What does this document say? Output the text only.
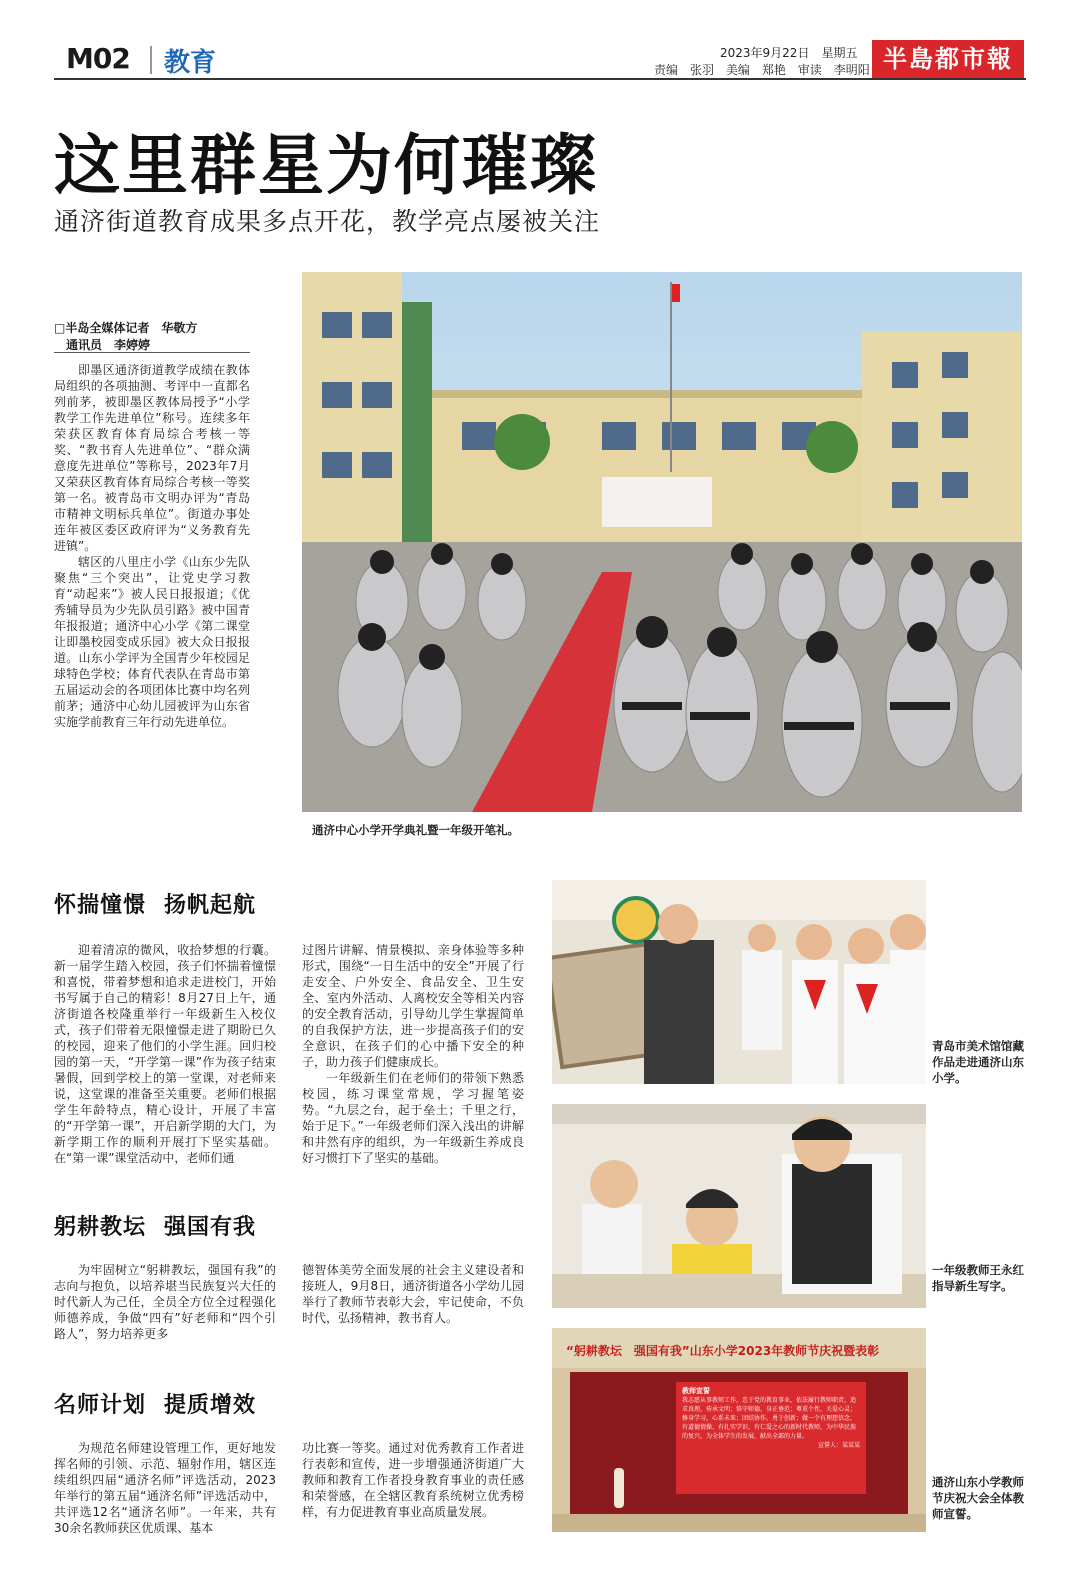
M02 教育	2023年9月22日　星期五
责编　张羽 美编　郑艳 审读　李明阳 半島都市報
这里群星为何璀璨
通济街道教育成果多点开花，教学亮点屡被关注
□半岛全媒体记者　华敬方
通讯员　李婷婷

即墨区通济街道教学成绩在教体局组织的各项抽测、考评中一直都名列前茅，被即墨区教体局授予“小学教学工作先进单位”称号。连续多年荣获区教育体育局综合考核一等奖、“教书育人先进单位”、“群众满意度先进单位”等称号，2023年7月又荣获区教育体育局综合考核一等奖第一名。被青岛市文明办评为“青岛市精神文明标兵单位”。街道办事处连年被区委区政府评为“义务教育先进镇”。

辖区的八里庄小学《山东少先队聚焦“三个突出”，让党史学习教育“动起来”》被人民日报报道；《优秀辅导员为少先队员引路》被中国青年报报道；通济中心小学《第二课堂让即墨校园变成乐园》被大众日报报道。山东小学评为全国青少年校园足球特色学校；体育代表队在青岛市第五届运动会的各项团体比赛中均名列前茅；通济中心幼儿园被评为山东省实施学前教育三年行动先进单位。

通济中心小学开学典礼暨一年级开笔礼。
怀揣憧憬 扬帆起航

迎着清凉的微风，收拾梦想的行囊。新一届学生踏入校园，孩子们怀揣着憧憬和喜悦，带着梦想和追求走进校门，开始书写属于自己的精彩！8月27日上午，通济街道各校隆重举行一年级新生入校仪式，孩子们带着无限憧憬走进了期盼已久的校园，迎来了他们的小学生涯。回归校园的第一天，“开学第一课”作为孩子结束暑假，回到学校上的第一堂课，对老师来说，这堂课的准备至关重要。老师们根据学生年龄特点，精心设计，开展了丰富的“开学第一课”，开启新学期的大门，为新学期工作的顺利开展打下坚实基础。在“第一课”课堂活动中，老师们通

过图片讲解、情景模拟、亲身体验等多种形式，围绕“一日生活中的安全”开展了行走安全、户外安全、食品安全、卫生安全、室内外活动、人离校安全等相关内容的安全教育活动，引导幼儿学生掌握简单的自我保护方法，进一步提高孩子们的安全意识，在孩子们的心中播下安全的种子，助力孩子们健康成长。

一年级新生们在老师们的带领下熟悉校园，练习课堂常规，学习握笔姿势。“九层之台，起于垒土；千里之行，始于足下。”一年级老师们深入浅出的讲解和井然有序的组织，为一年级新生养成良好习惯打下了坚实的基础。

躬耕教坛 强国有我

为牢固树立“躬耕教坛，强国有我”的志向与抱负，以培养堪当民族复兴大任的时代新人为己任，全员全方位全过程强化师德养成，争做“四有”好老师和“四个引路人”，努力培养更多

德智体美劳全面发展的社会主义建设者和接班人，9月8日，通济街道各小学幼儿园举行了教师节表彰大会，牢记使命，不负时代，弘扬精神，教书育人。

名师计划 提质增效

为规范名师建设管理工作，更好地发挥名师的引领、示范、辐射作用，辖区连续组织四届“通济名师”评选活动，2023年举行的第五届“通济名师”评选活动中，共评选12名“通济名师”。一年来，共有30余名教师获区优质课、基本

功比赛一等奖。通过对优秀教育工作者进行表彰和宣传，进一步增强通济街道广大教师和教育工作者投身教育事业的责任感和荣誉感，在全辖区教育系统树立优秀榜样，有力促进教育事业高质量发展。

青岛市美术馆馆藏作品走进通济山东小学。
一年级教师王永红指导新生写字。
“躬耕教坛　强国有我”山东小学2023年教师节庆祝暨表彰
教师宣誓
我志愿从事教师工作，忠于党的教育事业，依法履行教师职责，追求真理，传承文明；恪守师德，身正垂范；尊重个性，关爱心灵；修身学习，心系未来；团结协作，勇于创新；做一个有理想信念、有道德情操、有扎实学识、有仁爱之心的新时代教师，为中华民族的复兴，为全体学生的发展，献出全部的力量。
宣誓人：某某某
通济山东小学教师节庆祝大会全体教师宣誓。
